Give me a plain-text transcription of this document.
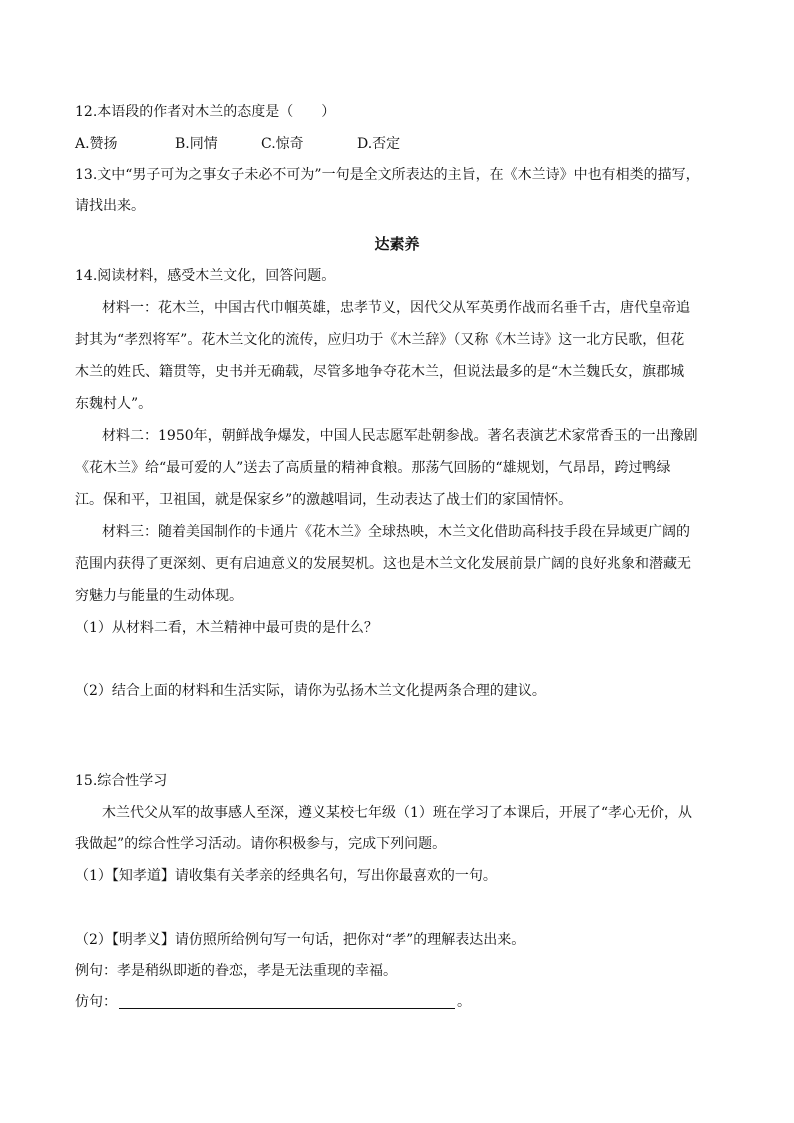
12.本语段的作者对木兰的态度是（　　）
A.赞扬	B.同情	C.惊奇	D.否定
13.文中“男子可为之事女子未必不可为”一句是全文所表达的主旨，在《木兰诗》中也有相类的描写，
请找出来。
达素养
14.阅读材料，感受木兰文化，回答问题。
材料一：花木兰，中国古代巾帼英雄，忠孝节义，因代父从军英勇作战而名垂千古，唐代皇帝追
封其为“孝烈将军”。花木兰文化的流传，应归功于《木兰辞》（又称《木兰诗》这一北方民歌，但花
木兰的姓氏、籍贯等，史书并无确载，尽管多地争夺花木兰，但说法最多的是“木兰魏氏女，旗郡城
东魏村人”。
材料二：1950年，朝鲜战争爆发，中国人民志愿军赴朝参战。著名表演艺术家常香玉的一出豫剧
《花木兰》给“最可爱的人”送去了高质量的精神食粮。那荡气回肠的“雄规划，气昂昂，跨过鸭绿
江。保和平，卫祖国，就是保家乡”的激越唱词，生动表达了战士们的家国情怀。
材料三：随着美国制作的卡通片《花木兰》全球热映，木兰文化借助高科技手段在异域更广阔的
范围内获得了更深刻、更有启迪意义的发展契机。这也是木兰文化发展前景广阔的良好兆象和潜藏无
穷魅力与能量的生动体现。
（1）从材料二看，木兰精神中最可贵的是什么？
（2）结合上面的材料和生活实际，请你为弘扬木兰文化提两条合理的建议。
15.综合性学习
木兰代父从军的故事感人至深，遵义某校七年级（1）班在学习了本课后，开展了“孝心无价，从
我做起”的综合性学习活动。请你积极参与，完成下列问题。
（1）【知孝道】请收集有关孝亲的经典名句，写出你最喜欢的一句。
（2）【明孝义】请仿照所给例句写一句话，把你对“孝”的理解表达出来。
例句：孝是稍纵即逝的眷恋，孝是无法重现的幸福。
仿句：	。
